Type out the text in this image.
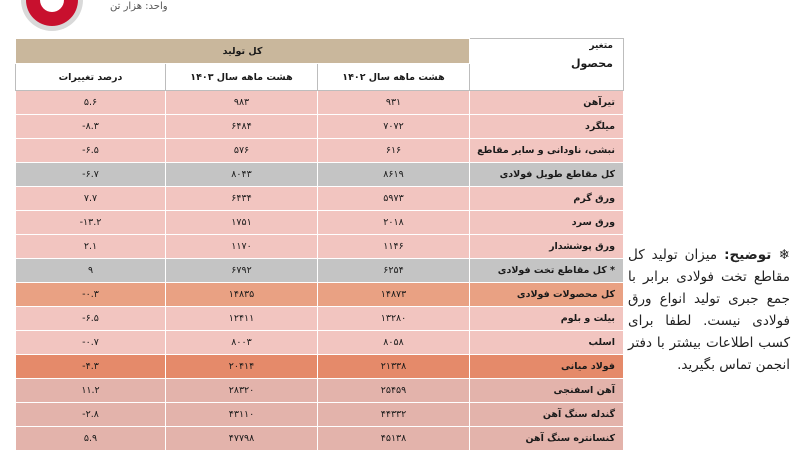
واحد: هزار تن
کل تولید			متغیر
محصول

درصد تغییرات	هشت ماهه سال ۱۴۰۳	هشت ماهه سال ۱۴۰۲	
۵.۶	۹۸۳	۹۳۱	تیرآهن
-۸.۳	۶۴۸۴	۷۰۷۲	میلگرد
-۶.۵	۵۷۶	۶۱۶	نبشی، ناودانی و سایر مقاطع
-۶.۷	۸۰۴۳	۸۶۱۹	کل مقاطع طویل فولادی
۷.۷	۶۴۳۴	۵۹۷۳	ورق گرم
-۱۳.۲	۱۷۵۱	۲۰۱۸	ورق سرد
۲.۱	۱۱۷۰	۱۱۴۶	ورق پوششدار
۹	۶۷۹۲	۶۲۵۴	* کل مقاطع تخت فولادی
-۰.۳	۱۴۸۳۵	۱۴۸۷۳	کل محصولات فولادی
-۶.۵	۱۲۴۱۱	۱۳۲۸۰	بیلت و بلوم
-۰.۷	۸۰۰۳	۸۰۵۸	اسلب
-۴.۳	۲۰۴۱۴	۲۱۳۳۸	فولاد میانی
۱۱.۲	۲۸۳۲۰	۲۵۴۵۹	آهن اسفنجی
-۲.۸	۴۳۱۱۰	۴۴۳۳۲	گندله سنگ آهن
۵.۹	۴۷۷۹۸	۴۵۱۳۸	کنسانتره سنگ آهن
❄ توضیح: میزان تولید کل مقاطع تخت فولادی برابر با جمع جبری تولید انواع ورق فولادی نیست. لطفا برای کسب اطلاعات بیشتر با دفتر انجمن تماس بگیرید.
